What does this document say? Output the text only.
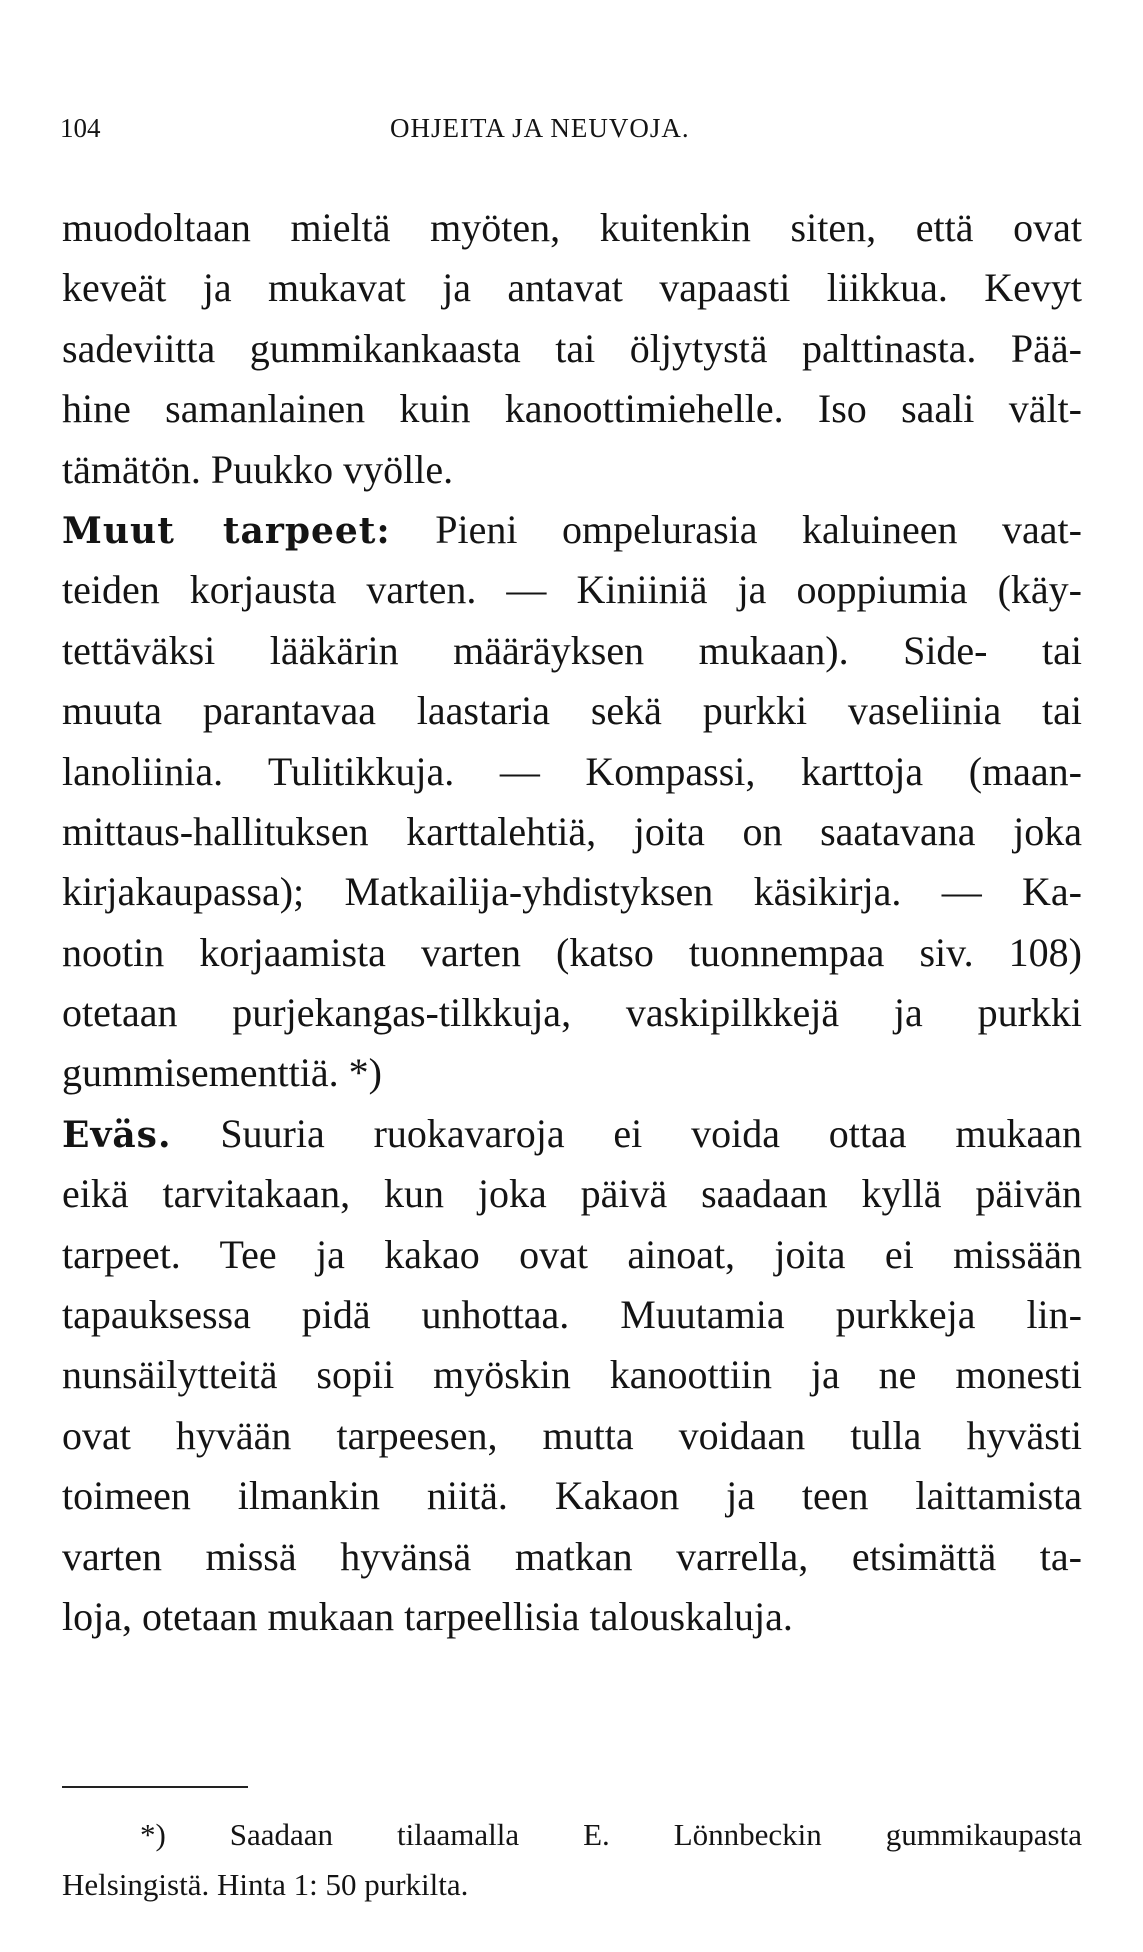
104	OHJEITA JA NEUVOJA.
muodoltaan mieltä myöten, kuitenkin siten, että ovat
keveät ja mukavat ja antavat vapaasti liikkua. Kevyt
sadeviitta gummikankaasta tai öljytystä palttinasta. Pää-
hine samanlainen kuin kanoottimiehelle. Iso saali vält-
tämätön. Puukko vyölle.
Muut tarpeet: Pieni ompelurasia kaluineen vaat-
teiden korjausta varten. — Kiniiniä ja ooppiumia (käy-
tettäväksi lääkärin määräyksen mukaan). Side- tai
muuta parantavaa laastaria sekä purkki vaseliinia tai
lanoliinia. Tulitikkuja. — Kompassi, karttoja (maan-
mittaus-hallituksen karttalehtiä, joita on saatavana joka
kirjakaupassa); Matkailija-yhdistyksen käsikirja. — Ka-
nootin korjaamista varten (katso tuonnempaa siv. 108)
otetaan purjekangas-tilkkuja, vaskipilkkejä ja purkki
gummisementtiä. *)
Eväs. Suuria ruokavaroja ei voida ottaa mukaan
eikä tarvitakaan, kun joka päivä saadaan kyllä päivän
tarpeet. Tee ja kakao ovat ainoat, joita ei missään
tapauksessa pidä unhottaa. Muutamia purkkeja lin-
nunsäilytteitä sopii myöskin kanoottiin ja ne monesti
ovat hyvään tarpeesen, mutta voidaan tulla hyvästi
toimeen ilmankin niitä. Kakaon ja teen laittamista
varten missä hyvänsä matkan varrella, etsimättä ta-
loja, otetaan mukaan tarpeellisia talouskaluja.
*) Saadaan tilaamalla E. Lönnbeckin gummikaupasta
Helsingistä. Hinta 1: 50 purkilta.
